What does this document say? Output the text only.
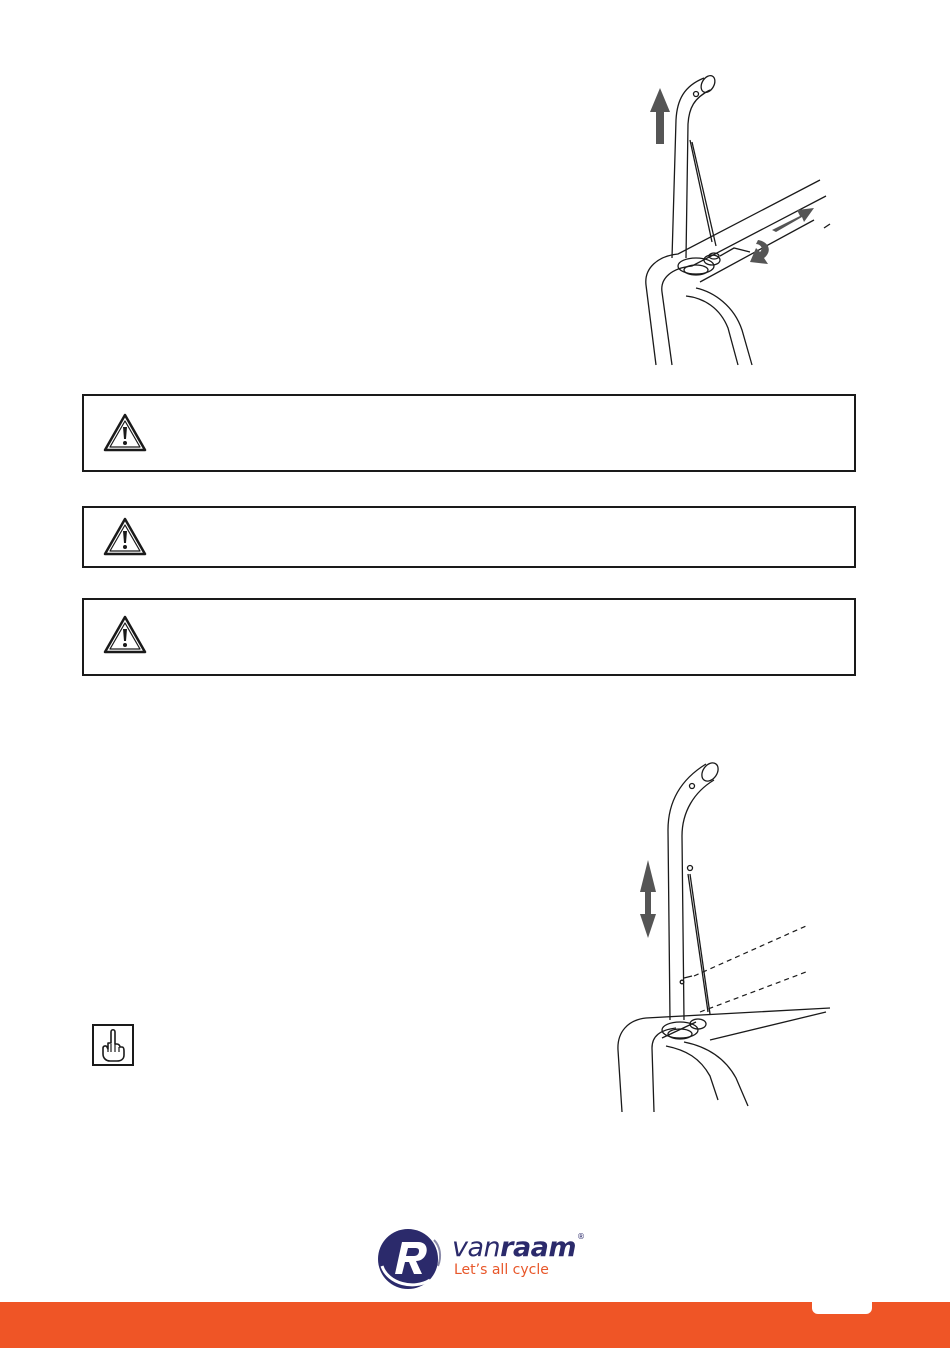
vanraam®
Let’s all cycle
